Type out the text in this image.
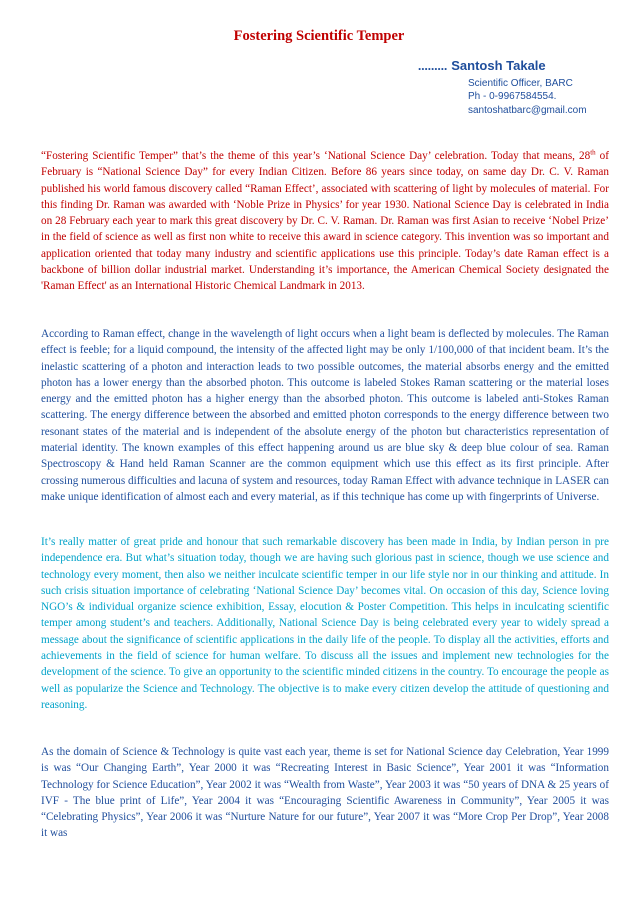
Fostering Scientific Temper
......... Santosh Takale
Scientific Officer, BARC
Ph - 0-9967584554.
santoshatbarc@gmail.com

“Fostering Scientific Temper” that’s the theme of this year’s ‘National Science Day’ celebration. Today that means, 28th of February is “National Science Day” for every Indian Citizen. Before 86 years since today, on same day Dr. C. V. Raman published his world famous discovery called “Raman Effect’, associated with scattering of light by molecules of material. For this finding Dr. Raman was awarded with ‘Noble Prize in Physics’ for year 1930. National Science Day is celebrated in India on 28 February each year to mark this great discovery by Dr. C. V. Raman. Dr. Raman was first Asian to receive ‘Nobel Prize’ in the field of science as well as first non white to receive this award in science category. This invention was so important and application oriented that today many industry and scientific applications use this principle. Today’s date Raman effect is a backbone of billion dollar industrial market. Understanding it’s importance, the American Chemical Society designated the 'Raman Effect' as an International Historic Chemical Landmark in 2013.

According to Raman effect, change in the wavelength of light occurs when a light beam is deflected by molecules. The Raman effect is feeble; for a liquid compound, the intensity of the affected light may be only 1/100,000 of that incident beam. It’s the inelastic scattering of a photon and interaction leads to two possible outcomes, the material absorbs energy and the emitted photon has a lower energy than the absorbed photon. This outcome is labeled Stokes Raman scattering or the material loses energy and the emitted photon has a higher energy than the absorbed photon. This outcome is labeled anti-Stokes Raman scattering. The energy difference between the absorbed and emitted photon corresponds to the energy difference between two resonant states of the material and is independent of the absolute energy of the photon but characteristics representation of material identity. The known examples of this effect happening around us are blue sky & deep blue colour of sea. Raman Spectroscopy & Hand held Raman Scanner are the common equipment which use this effect as its first principle. After crossing numerous difficulties and lacuna of system and resources, today Raman Effect with advance technique in LASER can make unique identification of almost each and every material, as if this technique has come up with fingerprints of Universe.

It’s really matter of great pride and honour that such remarkable discovery has been made in India, by Indian person in pre independence era. But what’s situation today, though we are having such glorious past in science, though we use science and technology every moment, then also we neither inculcate scientific temper in our life style nor in our thinking and attitude. In such crisis situation importance of celebrating ‘National Science Day’ becomes vital. On occasion of this day, Science loving NGO’s & individual organize science exhibition, Essay, elocution & Poster Competition. This helps in inculcating scientific temper among student’s and teachers. Additionally, National Science Day is being celebrated every year to widely spread a message about the significance of scientific applications in the daily life of the people. To display all the activities, efforts and achievements in the field of science for human welfare. To discuss all the issues and implement new technologies for the development of the science. To give an opportunity to the scientific minded citizens in the country. To encourage the people as well as popularize the Science and Technology. The objective is to make every citizen develop the attitude of questioning and reasoning.

As the domain of Science & Technology is quite vast each year, theme is set for National Science day Celebration, Year 1999 is was “Our Changing Earth”, Year 2000 it was “Recreating Interest in Basic Science”, Year 2001 it was “Information Technology for Science Education”, Year 2002 it was “Wealth from Waste”, Year 2003 it was “50 years of DNA & 25 years of IVF - The blue print of Life”, Year 2004 it was “Encouraging Scientific Awareness in Community”, Year 2005 it was “Celebrating Physics”, Year 2006 it was “Nurture Nature for our future”, Year 2007 it was “More Crop Per Drop”, Year 2008 it was
